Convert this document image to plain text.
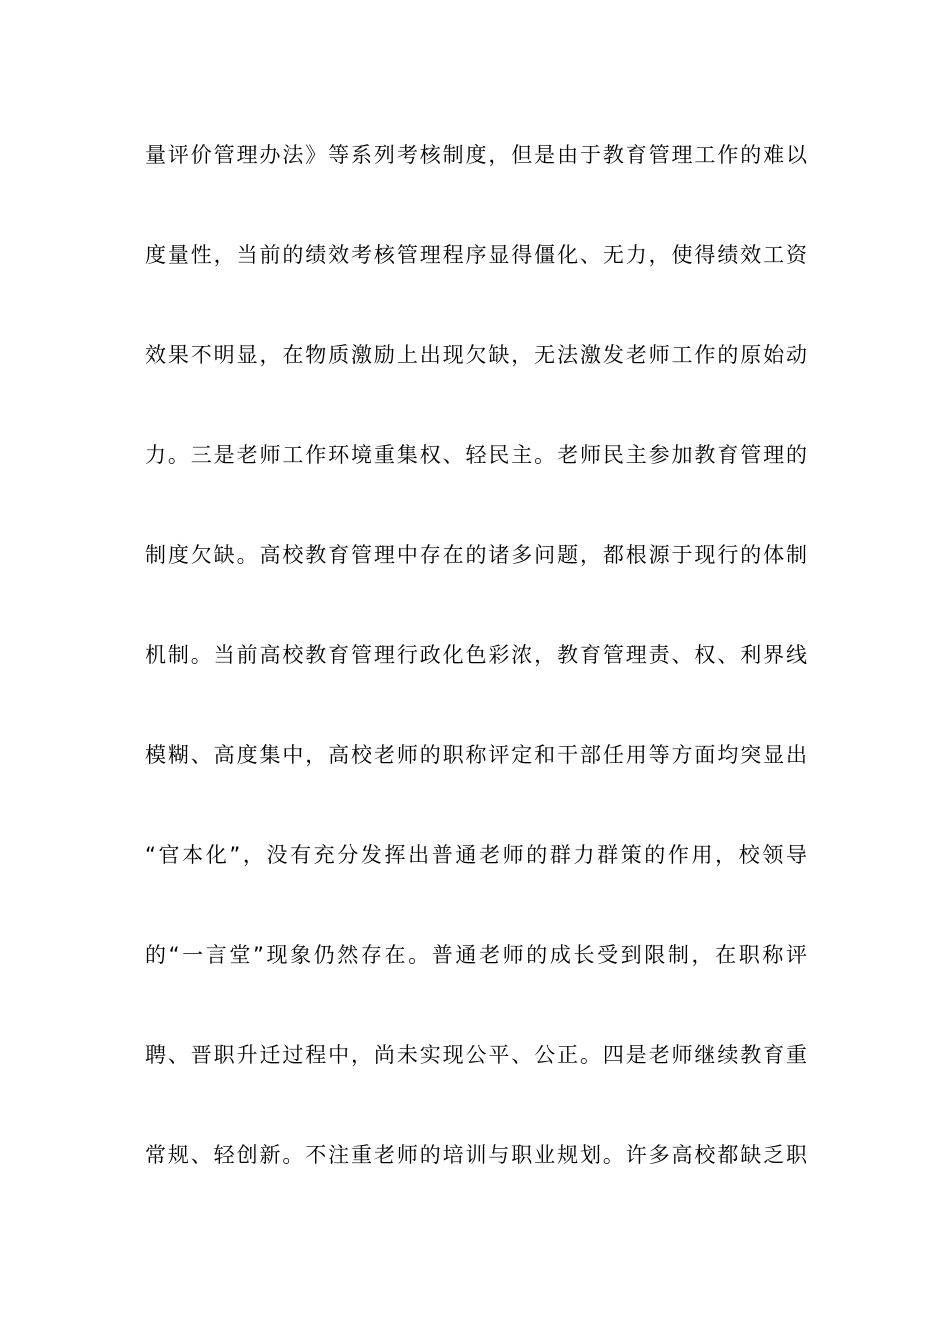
量评价管理办法》等系列考核制度，但是由于教育管理工作的难以
度量性，当前的绩效考核管理程序显得僵化、无力，使得绩效工资
效果不明显，在物质激励上出现欠缺，无法激发老师工作的原始动
力。三是老师工作环境重集权、轻民主。老师民主参加教育管理的
制度欠缺。高校教育管理中存在的诸多问题，都根源于现行的体制
机制。当前高校教育管理行政化色彩浓，教育管理责、权、利界线
模糊、高度集中，高校老师的职称评定和干部任用等方面均突显出
“官本化”，没有充分发挥出普通老师的群力群策的作用，校领导
的“一言堂”现象仍然存在。普通老师的成长受到限制，在职称评
聘、晋职升迁过程中，尚未实现公平、公正。四是老师继续教育重
常规、轻创新。不注重老师的培训与职业规划。许多高校都缺乏职
